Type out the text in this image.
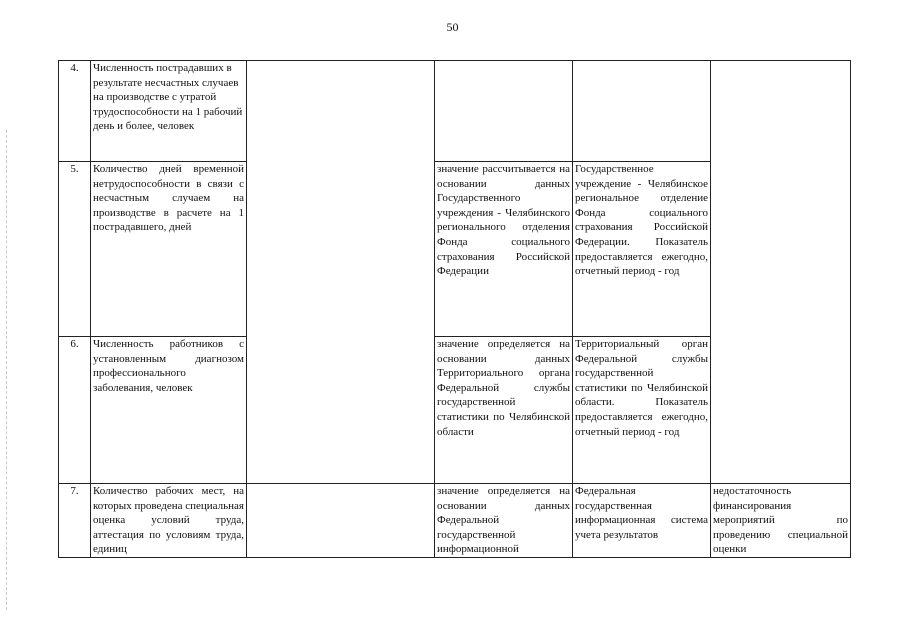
50
4.	Численность пострадавших в результате несчастных случаев на производстве с утратой трудоспособности на 1 рабочий день и более, человек				
5.	Количество дней временной нетрудоспособности в связи с несчастным случаем на производстве в расчете на 1 пострадавшего, дней		значение рассчитывается на основании данных Государственного учреждения - Челябинского регионального отделения Фонда социального страхования Российской Федерации	Государственное учреждение - Челябинское региональное отделение Фонда социального страхования Российской Федерации. Показатель предоставляется ежегодно, отчетный период - год	
6.	Численность работников с установленным диагнозом профессионального заболевания, человек		значение определяется на основании данных Территориального органа Федеральной службы государственной статистики по Челябинской области	Территориальный орган Федеральной службы государственной статистики по Челябинской области. Показатель предоставляется ежегодно, отчетный период - год	
7.	Количество рабочих мест, на которых проведена специальная оценка условий труда, аттестация по условиям труда, единиц		значение определяется на основании данных Федеральной государственной информационной	Федеральная государственная информационная система учета результатов	недостаточность финансирования мероприятий по проведению специальной оценки
